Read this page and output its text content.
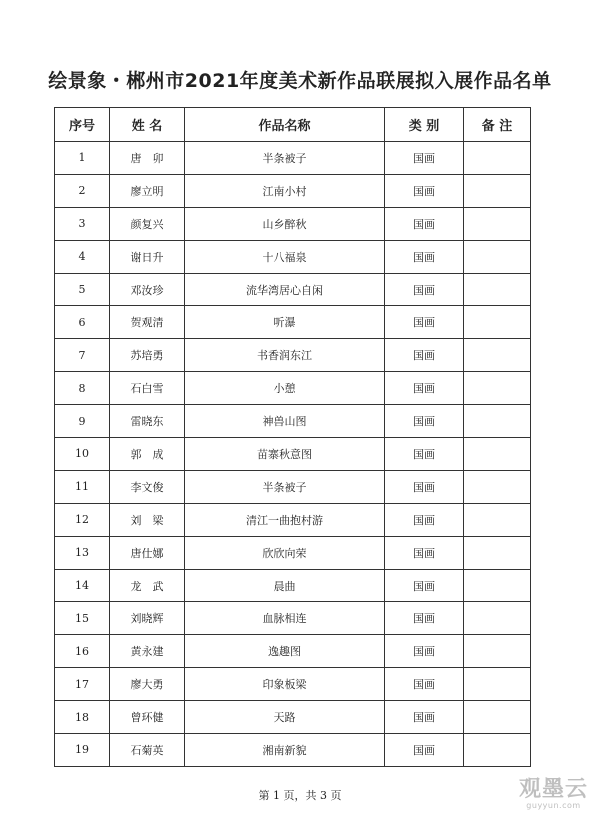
绘景象・郴州市2021年度美术新作品联展拟入展作品名单
序号	姓 名	作品名称	类 别	备 注
1	唐　卯	半条被子	国画	
2	廖立明	江南小村	国画	
3	颜复兴	山乡醉秋	国画	
4	谢日升	十八福泉	国画	
5	邓汝珍	流华湾居心自闲	国画	
6	贺观清	听瀑	国画	
7	苏培勇	书香润东江	国画	
8	石白雪	小憩	国画	
9	雷晓东	神兽山图	国画	
10	郭　成	苗寨秋意图	国画	
11	李文俊	半条被子	国画	
12	刘　梁	清江一曲抱村游	国画	
13	唐仕娜	欣欣向荣	国画	
14	龙　武	晨曲	国画	
15	刘晓辉	血脉相连	国画	
16	黄永建	逸趣图	国画	
17	廖大勇	印象板梁	国画	
18	曾环健	天路	国画	
19	石菊英	湘南新貌	国画	
第 1 页，共 3 页	观墨云
guyyun.com
